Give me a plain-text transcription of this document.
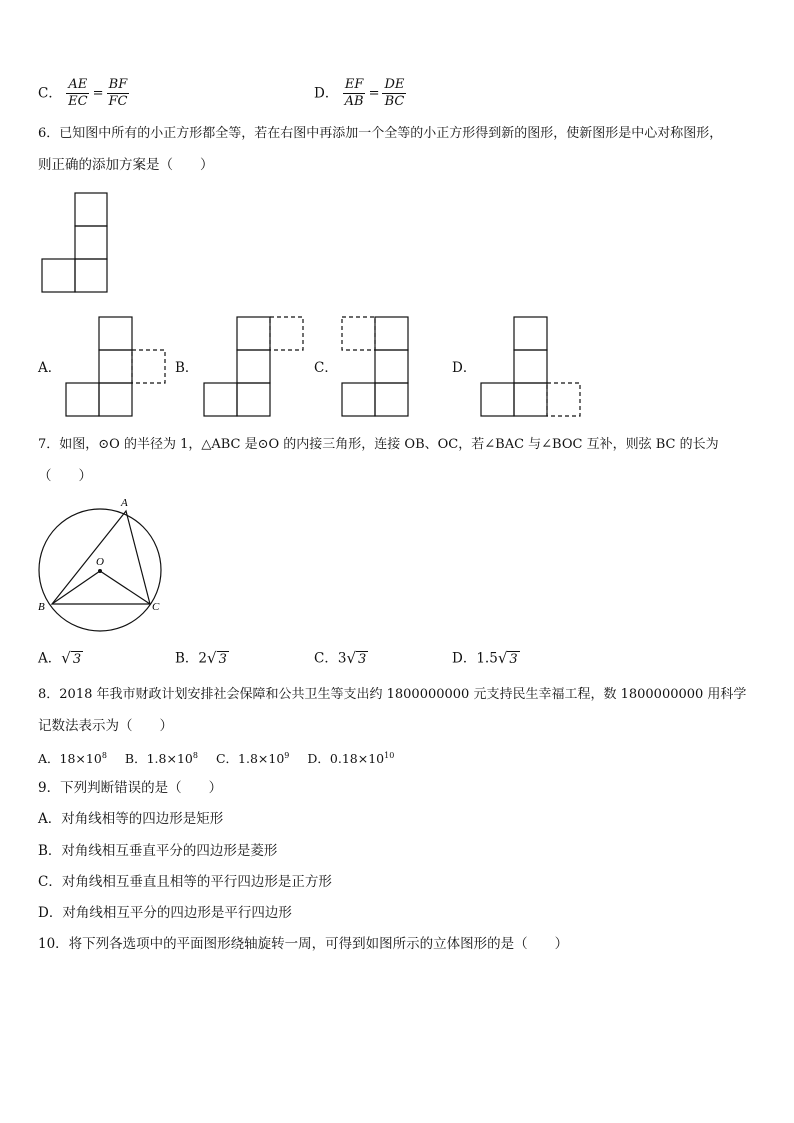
C． $\frac{AE}{EC} = \frac{BF}{FC}$	D． $\frac{EF}{AB} = \frac{DE}{BC}$
6．已知图中所有的小正方形都全等，若在右图中再添加一个全等的小正方形得到新的图形，使新图形是中心对称图形，
则正确的添加方案是（　　）
A．	B．	C．	D．
7．如图，⊙O 的半径为 1，△ABC 是⊙O 的内接三角形，连接 OB、OC，若∠BAC 与∠BOC 互补，则弦 BC 的长为
（　　）
A
O
B	C
A．√ 3	B．2√ 3	C．3√ 3	D．1.5√ 3
8．2018 年我市财政计划安排社会保障和公共卫生等支出约 1800000000 元支持民生幸福工程，数 1800000000 用科学
记数法表示为（　　）
A．$18\times 10^8$ B．$1.8\times 10^8$ C．$1.8\times 10^9$ D．$0.18\times 10^{10}$
9．下列判断错误的是（　　）
A．对角线相等的四边形是矩形
B．对角线相互垂直平分的四边形是菱形
C．对角线相互垂直且相等的平行四边形是正方形
D．对角线相互平分的四边形是平行四边形
10．将下列各选项中的平面图形绕轴旋转一周，可得到如图所示的立体图形的是（　　）
